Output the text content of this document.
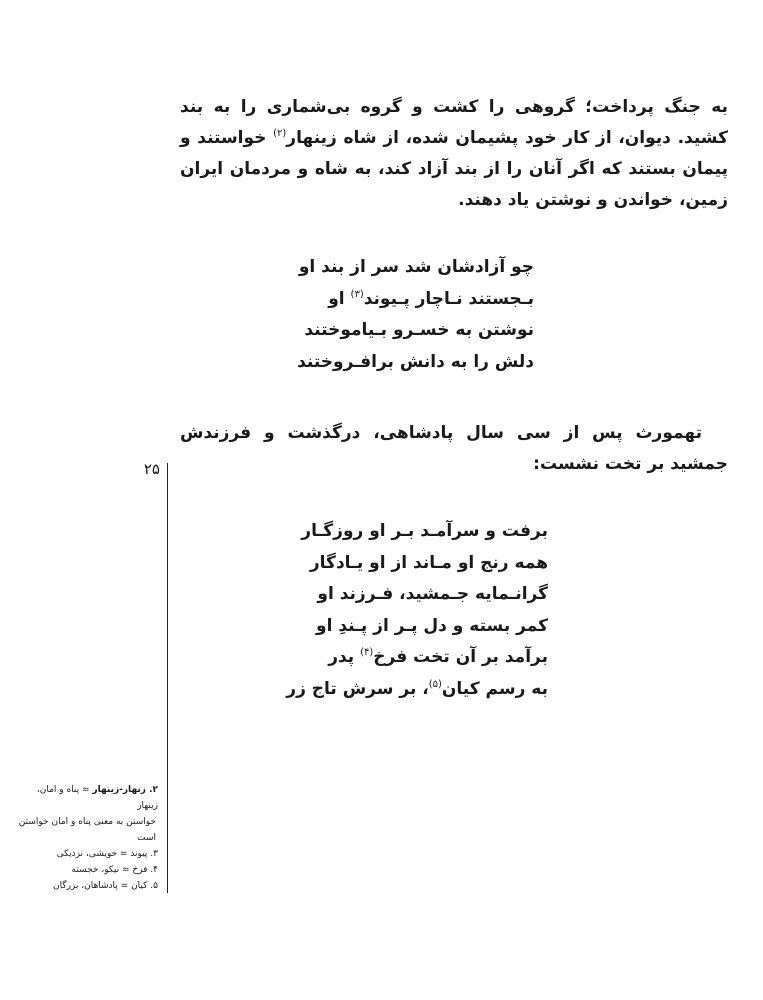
به جنگ پرداخت؛ گروهی را کشت و گروه بی‌شماری را به بند کشید. دیوان، از کار خود پشیمان شده، از شاه زینهار$^{(۲)}$ خواستند و پیمان بستند که اگر آنان را از بند آزاد کند، به شاه و مردمان ایران زمین، خواندن و نوشتن یاد دهند.
چو آزادشان شد سر از بند او
بـجستند نـاچار پـیوند$^{(۳)}$ او
نوشتن به خسـرو بـیاموختند
دلش را به دانش برافـروختند
تهمورث پس از سی سال پادشاهی، درگذشت و فرزندش جمشید بر تخت نشست:
۲۵
برفت و سرآمـد بـر او روزگـار
همه رنج او مـاند از او یـادگار
گرانـمایه جـمشید، فـرزند او
کمر بسته و دل پـر از پـندِ او
برآمد بر آن تخت فرخ$^{(۴)}$ پدر
به رسم کیان$^{(۵)}$، بر سرش تاج زر
۲. زنهار-زینهار = پناه و امان، زینهار
خواستن به معنی پناه و امان خواستن
است
۳. پیوند = خویشی، نزدیکی
۴. فرخ = نیکو، خجسته
۵. کیان = پادشاهان، بزرگان
